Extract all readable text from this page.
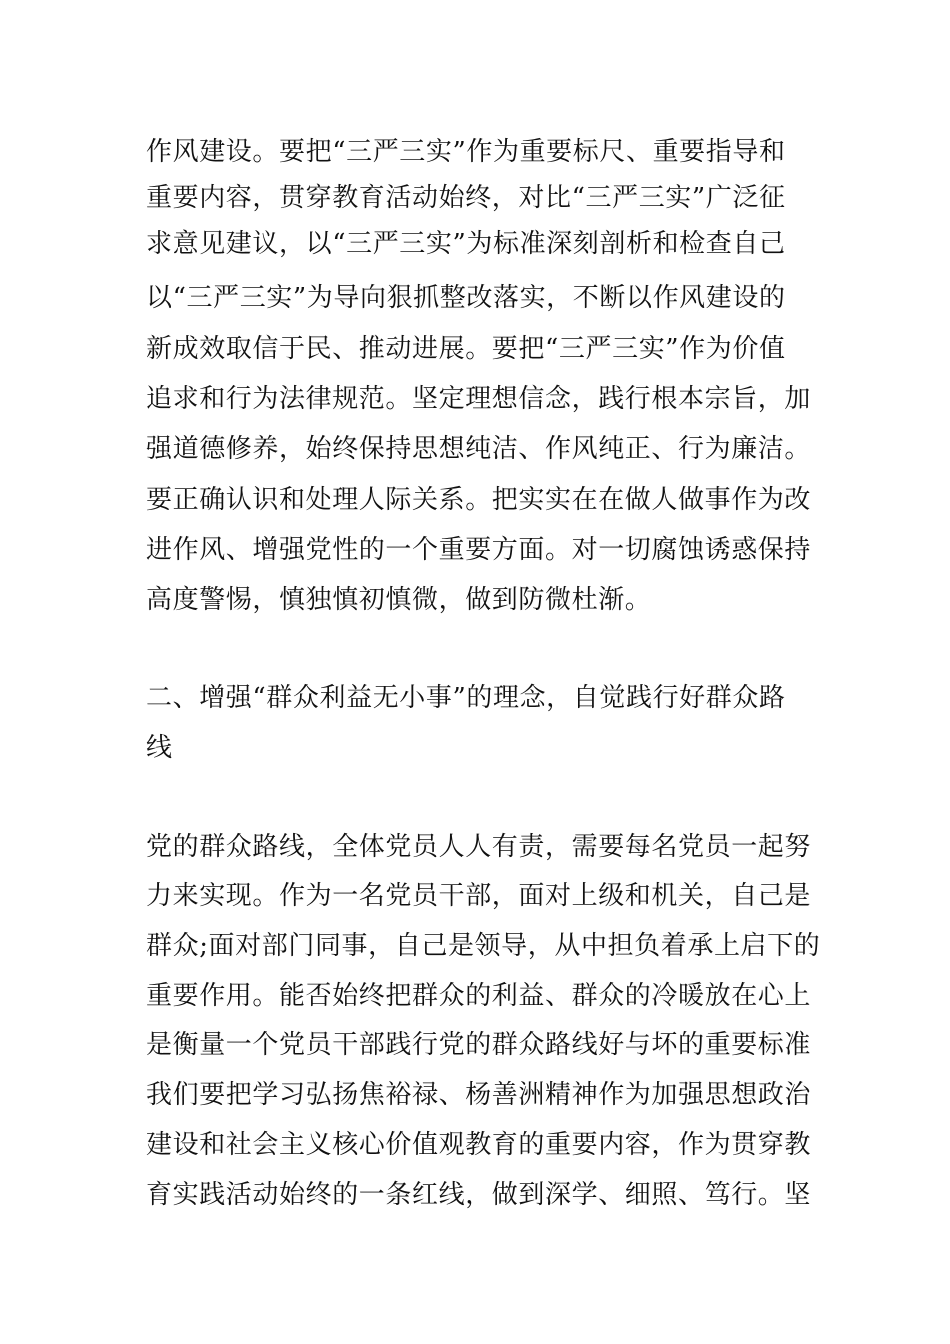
作风建设。要把“三严三实”作为重要标尺、重要指导和
重要内容，贯穿教育活动始终，对比“三严三实”广泛征
求意见建议，以“三严三实”为标准深刻剖析和检查自己
以“三严三实”为导向狠抓整改落实，不断以作风建设的
新成效取信于民、推动进展。要把“三严三实”作为价值
追求和行为法律规范。坚定理想信念，践行根本宗旨，加
强道德修养，始终保持思想纯洁、作风纯正、行为廉洁。
要正确认识和处理人际关系。把实实在在做人做事作为改
进作风、增强党性的一个重要方面。对一切腐蚀诱惑保持
高度警惕，慎独慎初慎微，做到防微杜渐。
二、增强“群众利益无小事”的理念，自觉践行好群众路
线
党的群众路线，全体党员人人有责，需要每名党员一起努
力来实现。作为一名党员干部，面对上级和机关，自己是
群众;面对部门同事，自己是领导，从中担负着承上启下的
重要作用。能否始终把群众的利益、群众的冷暖放在心上
是衡量一个党员干部践行党的群众路线好与坏的重要标准
我们要把学习弘扬焦裕禄、杨善洲精神作为加强思想政治
建设和社会主义核心价值观教育的重要内容，作为贯穿教
育实践活动始终的一条红线，做到深学、细照、笃行。坚
